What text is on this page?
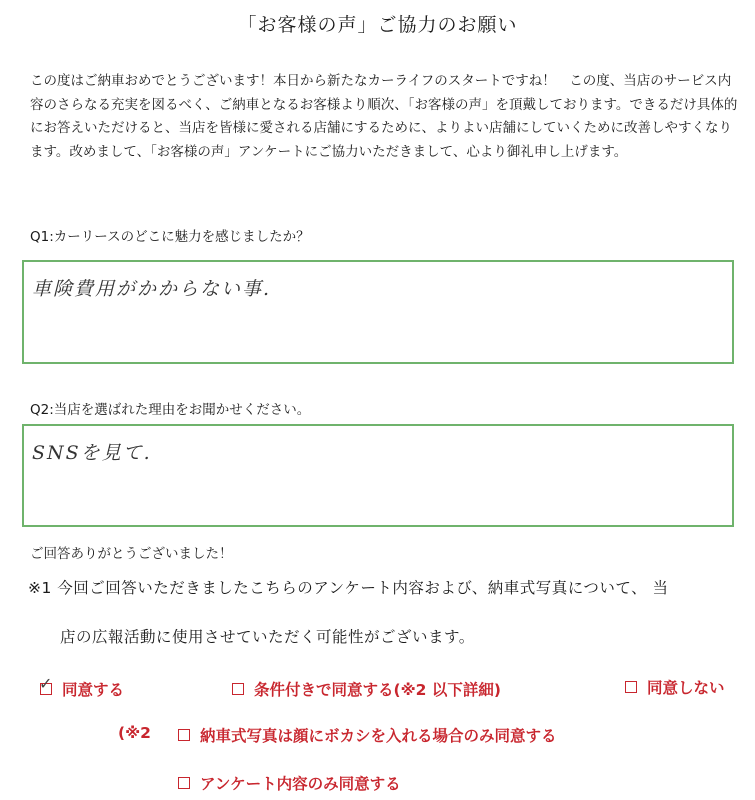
「お客様の声」ご協力のお願い
この度はご納車おめでとうございます！本日から新たなカーライフのスタートですね！　この度、当店のサービス内容のさらなる充実を図るべく、ご納車となるお客様より順次、「お客様の声」を頂戴しております。できるだけ具体的にお答えいただけると、当店を皆様に愛される店舗にするために、よりよい店舗にしていくために改善しやすくなります。改めまして、「お客様の声」アンケートにご協力いただきまして、心より御礼申し上げます。
Q1:カーリースのどこに魅力を感じましたか？
車険費用がかからない事.
Q2:当店を選ばれた理由をお聞かせください。
SNSを見て.
ご回答ありがとうございました！
※1 今回ご回答いただきましたこちらのアンケート内容および、納車式写真について、 当
店の広報活動に使用させていただく可能性がございます。
✓ 同意する	条件付きで同意する(※2 以下詳細)	同意しない
(※2	納車式写真は顔にボカシを入れる場合のみ同意する
アンケート内容のみ同意する
